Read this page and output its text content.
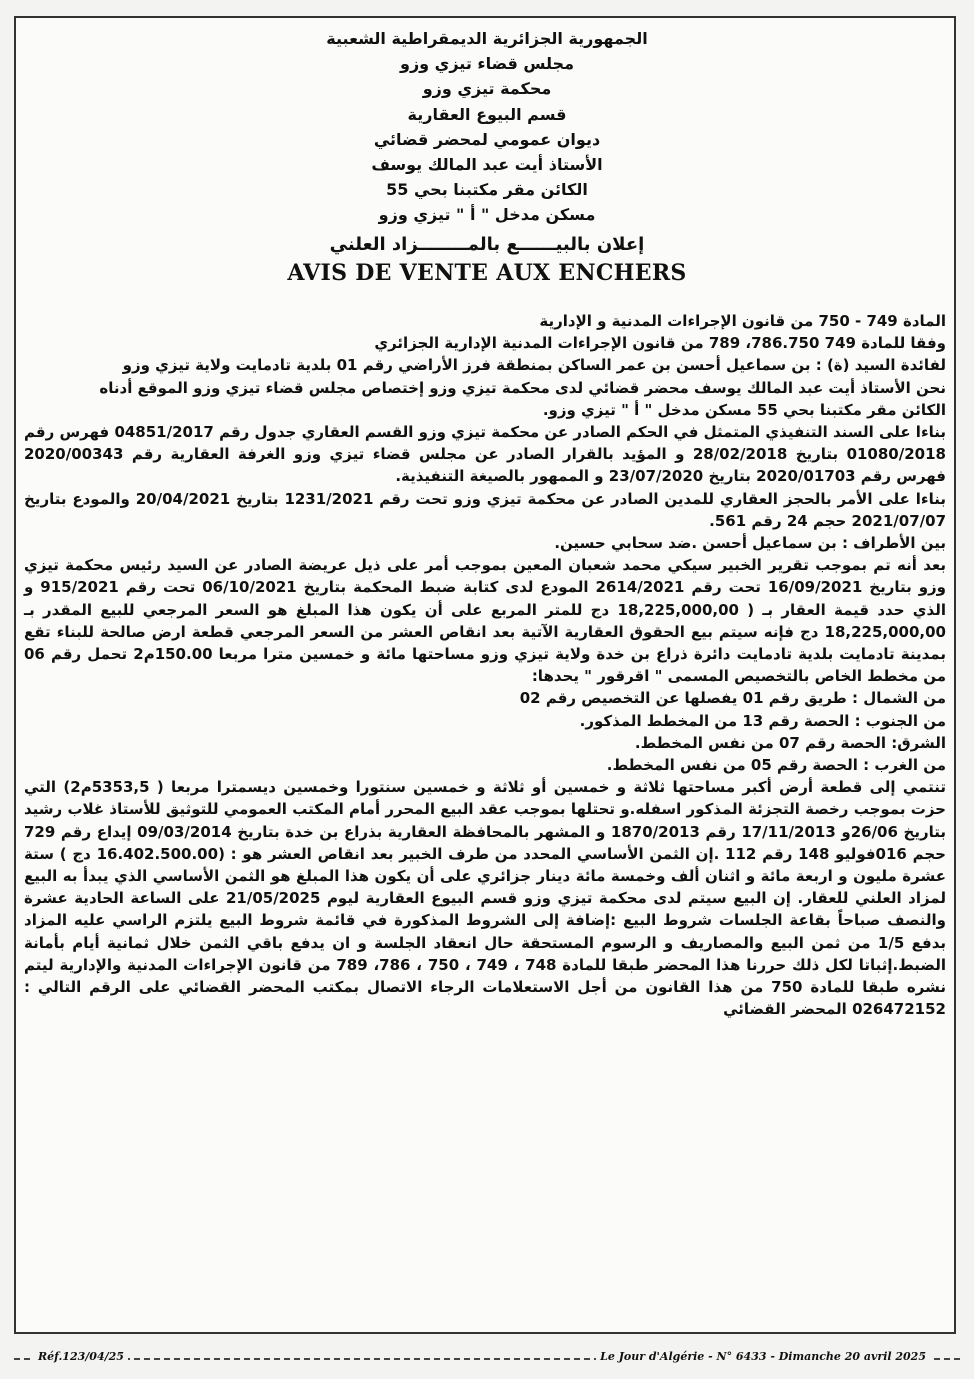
الجمهورية الجزائرية الديمقراطية الشعبية
مجلس قضاء تيزي وزو
محكمة تيزي وزو
قسم البيوع العقارية
ديوان عمومي لمحضر قضائي
الأستاذ أيت عبد المالك يوسف
الكائن مقر مكتبنا بحي 55
مسكن مدخل " أ " تيزي وزو
إعلان بالبيــــــع بالمــــــــزاد العلني
AVIS DE VENTE AUX ENCHERS

المادة 749 - 750 من قانون الإجراءات المدنية و الإدارية

وفقا للمادة 749 786.750، 789 من قانون الإجراءات المدنية الإدارية الجزائري

لفائدة السيد (ة) : بن سماعيل أحسن بن عمر الساكن بمنطقة فرز الأراضي رقم 01 بلدية تادمايت ولاية تيزي وزو

نحن الأستاذ أيت عبد المالك يوسف محضر قضائي لدى محكمة تيزي وزو إختصاص مجلس قضاء تيزي وزو الموقع أدناه

الكائن مقر مكتبنا بحي 55 مسكن مدخل " أ " تيزي وزو.

بناءا على السند التنفيذي المتمثل في الحكم الصادر عن محكمة تيزي وزو القسم العقاري جدول رقم 04851/2017 فهرس رقم 01080/2018 بتاريخ 28/02/2018 و المؤيد بالقرار الصادر عن مجلس قضاء تيزي وزو الغرفة العقارية رقم 2020/00343 فهرس رقم 2020/01703 بتاريخ 23/07/2020 و الممهور بالصيغة التنفيذية.

بناءا على الأمر بالحجز العقاري للمدين الصادر عن محكمة تيزي وزو تحت رقم 1231/2021 بتاريخ 20/04/2021 والمودع بتاريخ 2021/07/07 حجم 24 رقم 561.

بين الأطراف : بن سماعيل أحسن .ضد سحابي حسين.

بعد أنه تم بموجب تقرير الخبير سيكي محمد شعبان المعين بموجب أمر على ذيل عريضة الصادر عن السيد رئيس محكمة تيزي وزو بتاريخ 16/09/2021 تحت رقم 2614/2021 المودع لدى كتابة ضبط المحكمة بتاريخ 06/10/2021 تحت رقم 915/2021 و الذي حدد قيمة العقار بـ ( 18,225,000,00 دج للمتر المربع على أن يكون هذا المبلغ هو السعر المرجعي للبيع المقدر بـ 18,225,000,00 دج فإنه سيتم بيع الحقوق العقارية الآتية بعد انقاص العشر من السعر المرجعي قطعة ارض صالحة للبناء تقع بمدينة تادمايت بلدية تادمايت دائرة ذراع بن خدة ولاية تيزي وزو مساحتها مائة و خمسين مترا مربعا 150.00م2 تحمل رقم 06 من مخطط الخاص بالتخصيص المسمى " اقرقور " يحدها:

من الشمال : طريق رقم 01 يفصلها عن التخصيص رقم 02

من الجنوب : الحصة رقم 13 من المخطط المذكور.

الشرق: الحصة رقم 07 من نفس المخطط.

من الغرب : الحصة رقم 05 من نفس المخطط.

تنتمي إلى قطعة أرض أكبر مساحتها ثلاثة و خمسين أو ثلاثة و خمسين سنتورا وخمسين ديسمترا مربعا ( 5353,5م2) التي حزت بموجب رخصة التجزئة المذكور اسفله.و تحتلها بموجب عقد البيع المحرر أمام المكتب العمومي للتوثيق للأستاذ غلاب رشيد بتاريخ 26/06و 17/11/2013 رقم 1870/2013 و المشهر بالمحافظة العقارية بذراع بن خدة بتاريخ 09/03/2014 إيداع رقم 729 حجم 016فوليو 148 رقم 112 .إن الثمن الأساسي المحدد من طرف الخبير بعد انقاص العشر هو : (16.402.500.00 دج ) ستة عشرة مليون و اربعة مائة و اثنان ألف وخمسة مائة دينار جزائري على أن يكون هذا المبلغ هو الثمن الأساسي الذي يبدأ به البيع لمزاد العلني للعقار. إن البيع سيتم لدى محكمة تيزي وزو قسم البيوع العقارية ليوم 21/05/2025 على الساعة الحادية عشرة والنصف صباحاً بقاعة الجلسات شروط البيع :إضافة إلى الشروط المذكورة في قائمة شروط البيع يلتزم الراسي عليه المزاد بدفع 1/5 من ثمن البيع والمصاريف و الرسوم المستحقة حال انعقاد الجلسة و ان يدفع باقي الثمن خلال ثمانية أيام بأمانة الضبط.إثباتا لكل ذلك حررنا هذا المحضر طبقا للمادة 748 ، 749 ، 750 ، 786، 789 من قانون الإجراءات المدنية والإدارية ليتم نشره طبقا للمادة 750 من هذا القانون من أجل الاستعلامات الرجاء الاتصال بمكتب المحضر القضائي على الرقم التالي : 026472152 المحضر القضائي

Réf.123/04/25	Le Jour d'Algérie - N° 6433 - Dimanche 20 avril 2025
